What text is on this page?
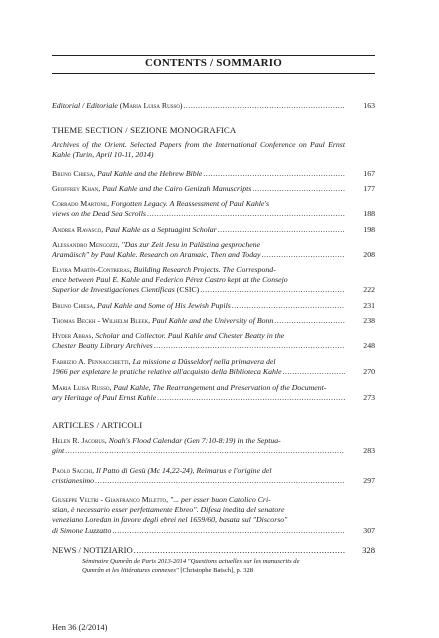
CONTENTS / SOMMARIO
Editorial / Editoriale (Maria Luisa Russo) .....	163
THEME SECTION / SEZIONE MONOGRAFICA
Archives of the Orient. Selected Papers from the International Conference on Paul Ernst Kahle (Turin, April 10-11, 2014)
Bruno Chiesa, Paul Kahle and the Hebrew Bible .....	167
Geoffrey Khan, Paul Kahle and the Cairo Genizah Manuscripts .....	177
Corrado Martone, Forgotten Legacy. A Reassessment of Paul Kahle's
views on the Dead Sea Scrolls .....	188
Andrea Ravasco, Paul Kahle as a Septuagint Scholar .....	198
Alessandro Mengozzi, "Das zur Zeit Jesu in Palästina gesprochene
Aramäisch" by Paul Kahle. Research on Aramaic, Then and Today .....	208
Elvira Martín-Contreras, Building Research Projects. The Correspond-
ence between Paul E. Kahle and Federico Pérez Castro kept at the Consejo
Superior de Investigaciones Científicas (CSIC) .....	222
Bruno Chiesa, Paul Kahle and Some of His Jewish Pupils .....	231
Thomas Beckh - Wilhelm Bleek, Paul Kahle and the University of Bonn .....	238
Hyder Abbas, Scholar and Collector. Paul Kahle and Chester Beatty in the
Chester Beatty Library Archives .....	248
Fabrizio A. Pennacchietti, La missione a Düsseldorf nella primavera del
1966 per espletare le pratiche relative all'acquisto della Biblioteca Kahle .....	270
Maria Luisa Russo, Paul Kahle, The Rearrangement and Preservation of the Document-
ary Heritage of Paul Ernst Kahle .....	273
ARTICLES / ARTICOLI
Helen R. Jacobus, Noah's Flood Calendar (Gen 7:10-8:19) in the Septua-
gint .....	283
Paolo Sacchi, Il Patto di Gesù (Mc 14,22-24), Reimarus e l'origine del
cristianesimo .....	297
Giuseppe Veltri - Gianfranco Miletto, "... per esser buon Catolico Cri-
stian, è necessario esser perfettamente Ebreo". Difesa inedita del senatore
veneziano Loredan in favore degli ebrei nel 1659/60, basata sul "Discorso"
di Simone Luzzatto .....	307
NEWS / NOTIZIARIO .....	328
Séminaire Qumrân de Paris 2013-2014 "Questions actuelles sur les manuscrits de
Qumrân et les littératures connexes" [Christophe Batsch], p. 328
Hen 36 (2/2014)
